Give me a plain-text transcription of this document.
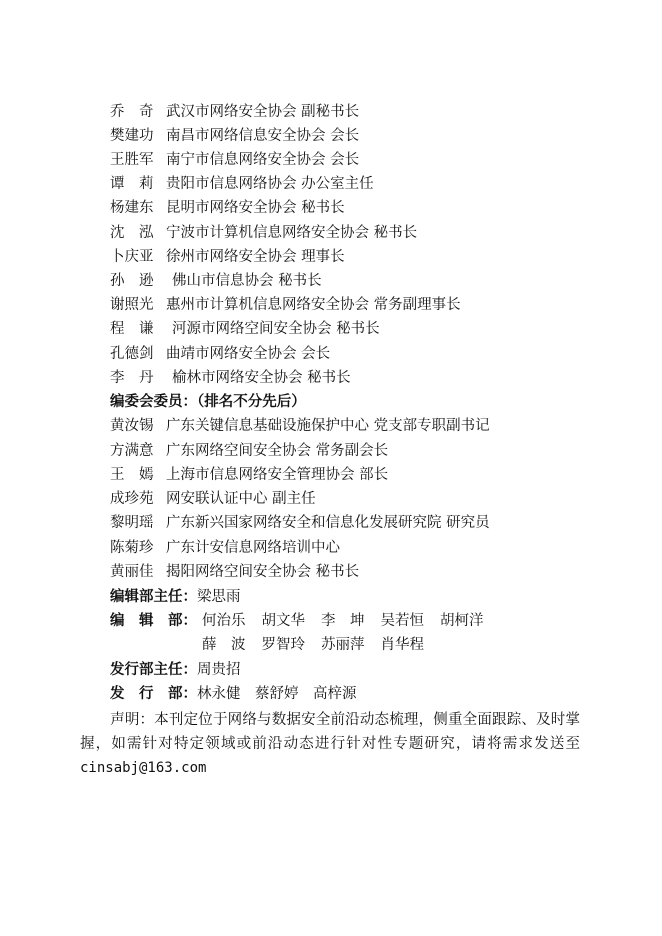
乔　奇 武汉市网络安全协会 副秘书长
樊建功 南昌市网络信息安全协会 会长
王胜军 南宁市信息网络安全协会 会长
谭　莉 贵阳市信息网络协会 办公室主任
杨建东 昆明市网络安全协会 秘书长
沈　泓 宁波市计算机信息网络安全协会 秘书长
卜庆亚 徐州市网络安全协会 理事长
孙　逊 佛山市信息协会 秘书长
谢照光 惠州市计算机信息网络安全协会 常务副理事长
程　谦 河源市网络空间安全协会 秘书长
孔德剑 曲靖市网络安全协会 会长
李　丹 榆林市网络安全协会 秘书长
编委会委员：（排名不分先后）
黄汝锡 广东关键信息基础设施保护中心 党支部专职副书记
方满意 广东网络空间安全协会 常务副会长
王　嫣 上海市信息网络安全管理协会 部长
成珍苑 网安联认证中心 副主任
黎明瑶 广东新兴国家网络安全和信息化发展研究院 研究员
陈菊珍 广东计安信息网络培训中心
黄丽佳 揭阳网络空间安全协会 秘书长
编辑部主任：梁思雨
编　辑　部： 何治乐 胡文华 李　坤 吴若恒 胡柯洋
薛　波 罗智玲 苏丽萍 肖华程
发行部主任：周贵招
发　行　部：林永健　蔡舒婷　高梓源
声明：本刊定位于网络与数据安全前沿动态梳理，侧重全面跟踪、及时掌握，如需针对特定领域或前沿动态进行针对性专题研究，请将需求发送至cinsabj@163.com
